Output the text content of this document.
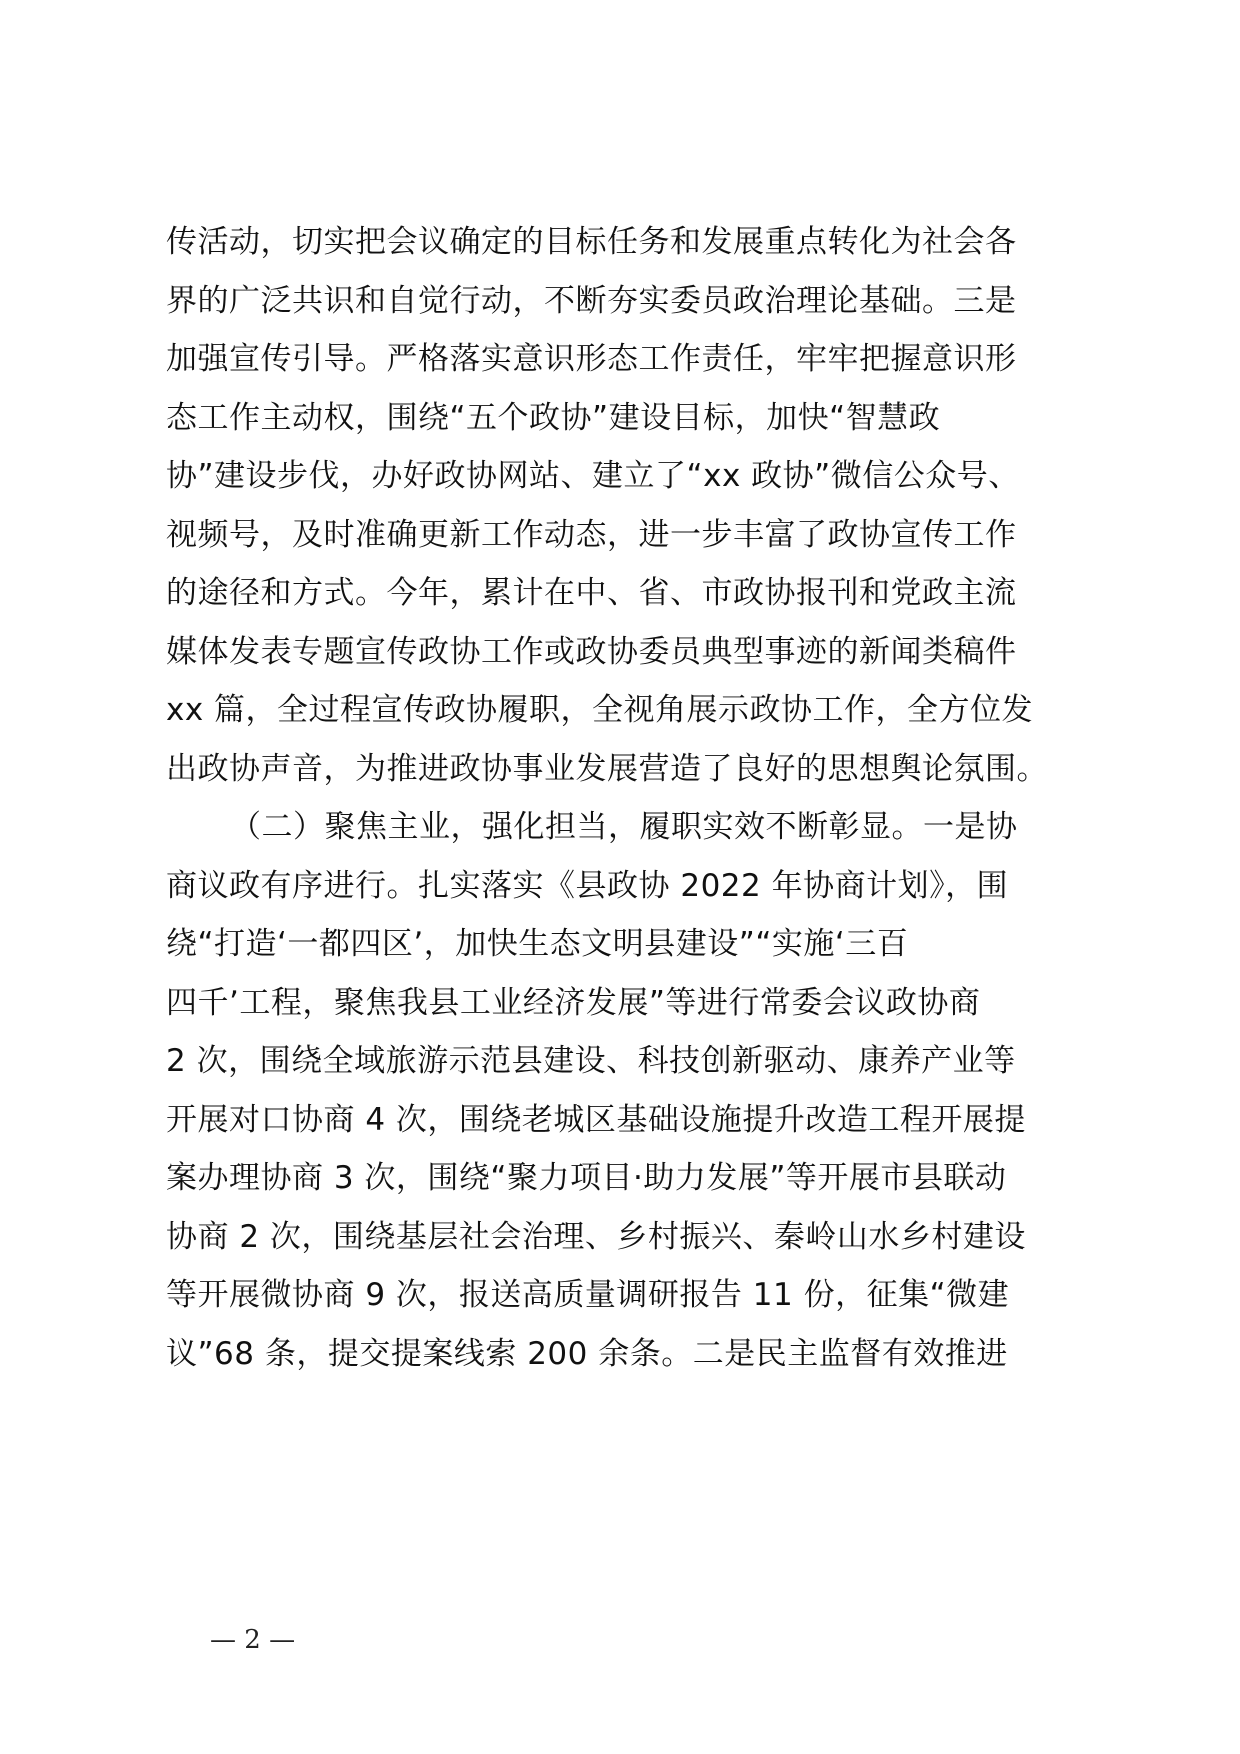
传活动，切实把会议确定的目标任务和发展重点转化为社会各
界的广泛共识和自觉行动，不断夯实委员政治理论基础。三是
加强宣传引导。严格落实意识形态工作责任，牢牢把握意识形
态工作主动权，围绕“五个政协”建设目标，加快“智慧政
协”建设步伐，办好政协网站、建立了“xx 政协”微信公众号、
视频号，及时准确更新工作动态，进一步丰富了政协宣传工作
的途径和方式。今年，累计在中、省、市政协报刊和党政主流
媒体发表专题宣传政协工作或政协委员典型事迹的新闻类稿件
xx 篇，全过程宣传政协履职，全视角展示政协工作，全方位发
出政协声音，为推进政协事业发展营造了良好的思想舆论氛围。
（二）聚焦主业，强化担当，履职实效不断彰显。一是协
商议政有序进行。扎实落实《县政协 2022 年协商计划》，围
绕“打造‘一都四区’，加快生态文明县建设”“实施‘三百
四千’工程，聚焦我县工业经济发展”等进行常委会议政协商
2 次，围绕全域旅游示范县建设、科技创新驱动、康养产业等
开展对口协商 4 次，围绕老城区基础设施提升改造工程开展提
案办理协商 3 次，围绕“聚力项目·助力发展”等开展市县联动
协商 2 次，围绕基层社会治理、乡村振兴、秦岭山水乡村建设
等开展微协商 9 次，报送高质量调研报告 11 份，征集“微建
议”68 条，提交提案线索 200 余条。二是民主监督有效推进
— 2 —
